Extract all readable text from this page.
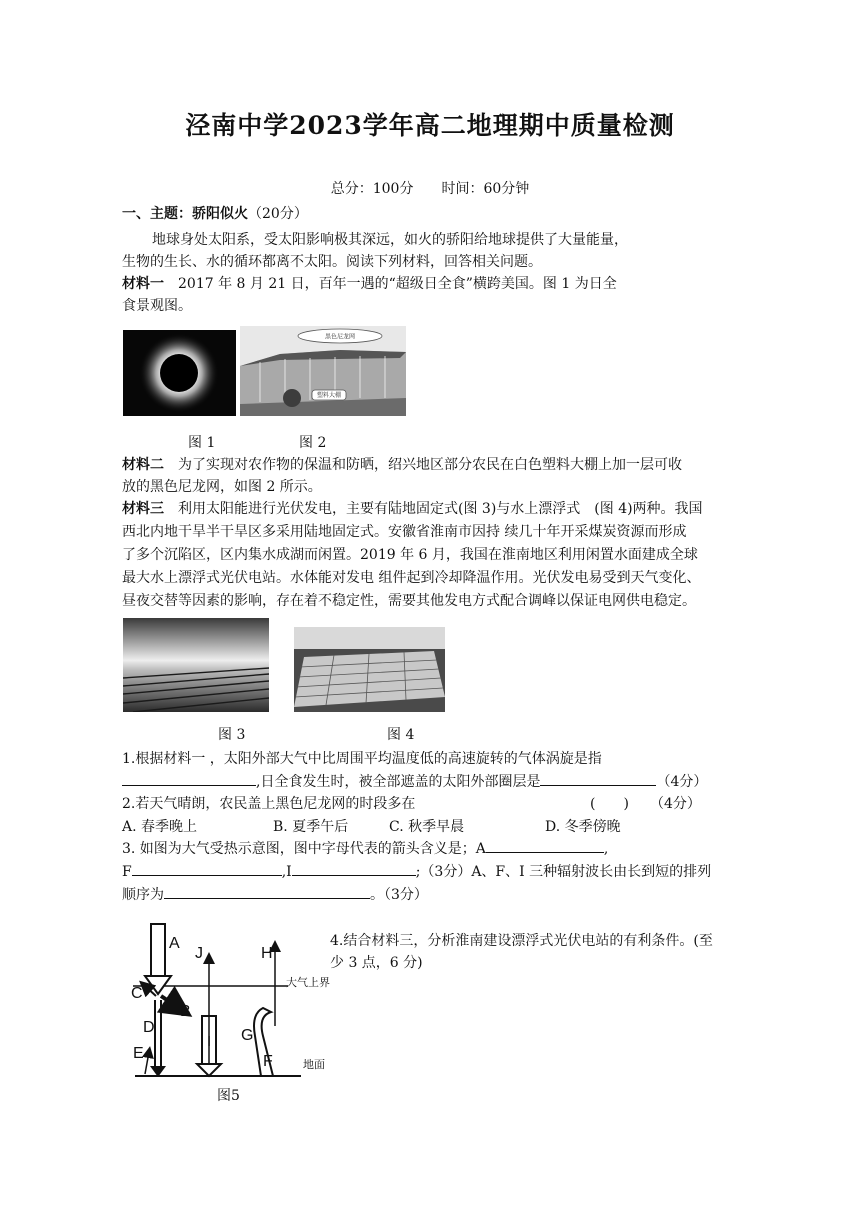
泾南中学2023学年高二地理期中质量检测
总分：100分 时间：60分钟
一、主题：骄阳似火（20分）
地球身处太阳系，受太阳影响极其深远，如火的骄阳给地球提供了大量能量，
生物的生长、水的循环都离不太阳。阅读下列材料，回答相关问题。
材料一　 2017 年 8 月 21 日，百年一遇的“超级日全食”横跨美国。图 1 为日全
食景观图。
黑色尼龙网
塑料大棚
图 1	图 2
材料二　 为了实现对农作物的保温和防晒，绍兴地区部分农民在白色塑料大棚上加一层可收
放的黑色尼龙网，如图 2 所示。
材料三　 利用太阳能进行光伏发电，主要有陆地固定式(图 3)与水上漂浮式　(图 4)两种。我国
西北内地干旱半干旱区多采用陆地固定式。安徽省淮南市因持 续几十年开采煤炭资源而形成
了多个沉陷区，区内集水成湖而闲置。2019 年 6 月，我国在淮南地区利用闲置水面建成全球
最大水上漂浮式光伏电站。水体能对发电 组件起到冷却降温作用。光伏发电易受到天气变化、
昼夜交替等因素的影响，存在着不稳定性，需要其他发电方式配合调峰以保证电网供电稳定。
图 3	图 4
1.根据材料一 ，太阳外部大气中比周围平均温度低的高速旋转的气体涡旋是指
,日全食发生时，被全部遮盖的太阳外部圈层是	（4分）
2.若天气晴朗，农民盖上黑色尼龙网的时段多在	(　　) （4分）
A. 春季晚上	B. 夏季午后	C. 秋季早晨	D. 冬季傍晚
3. 如图为大气受热示意图，图中字母代表的箭头含义是；A	,
F	,I	;（3分）A、F、I 三种辐射波长由长到短的排列
顺序为	。（3分）
4.结合材料三，分析淮南建设漂浮式光伏电站的有利条件。(至
少 3 点，6 分)
大气上界
地面
A
C
B
D
E
J
I
H
G
F
图5
